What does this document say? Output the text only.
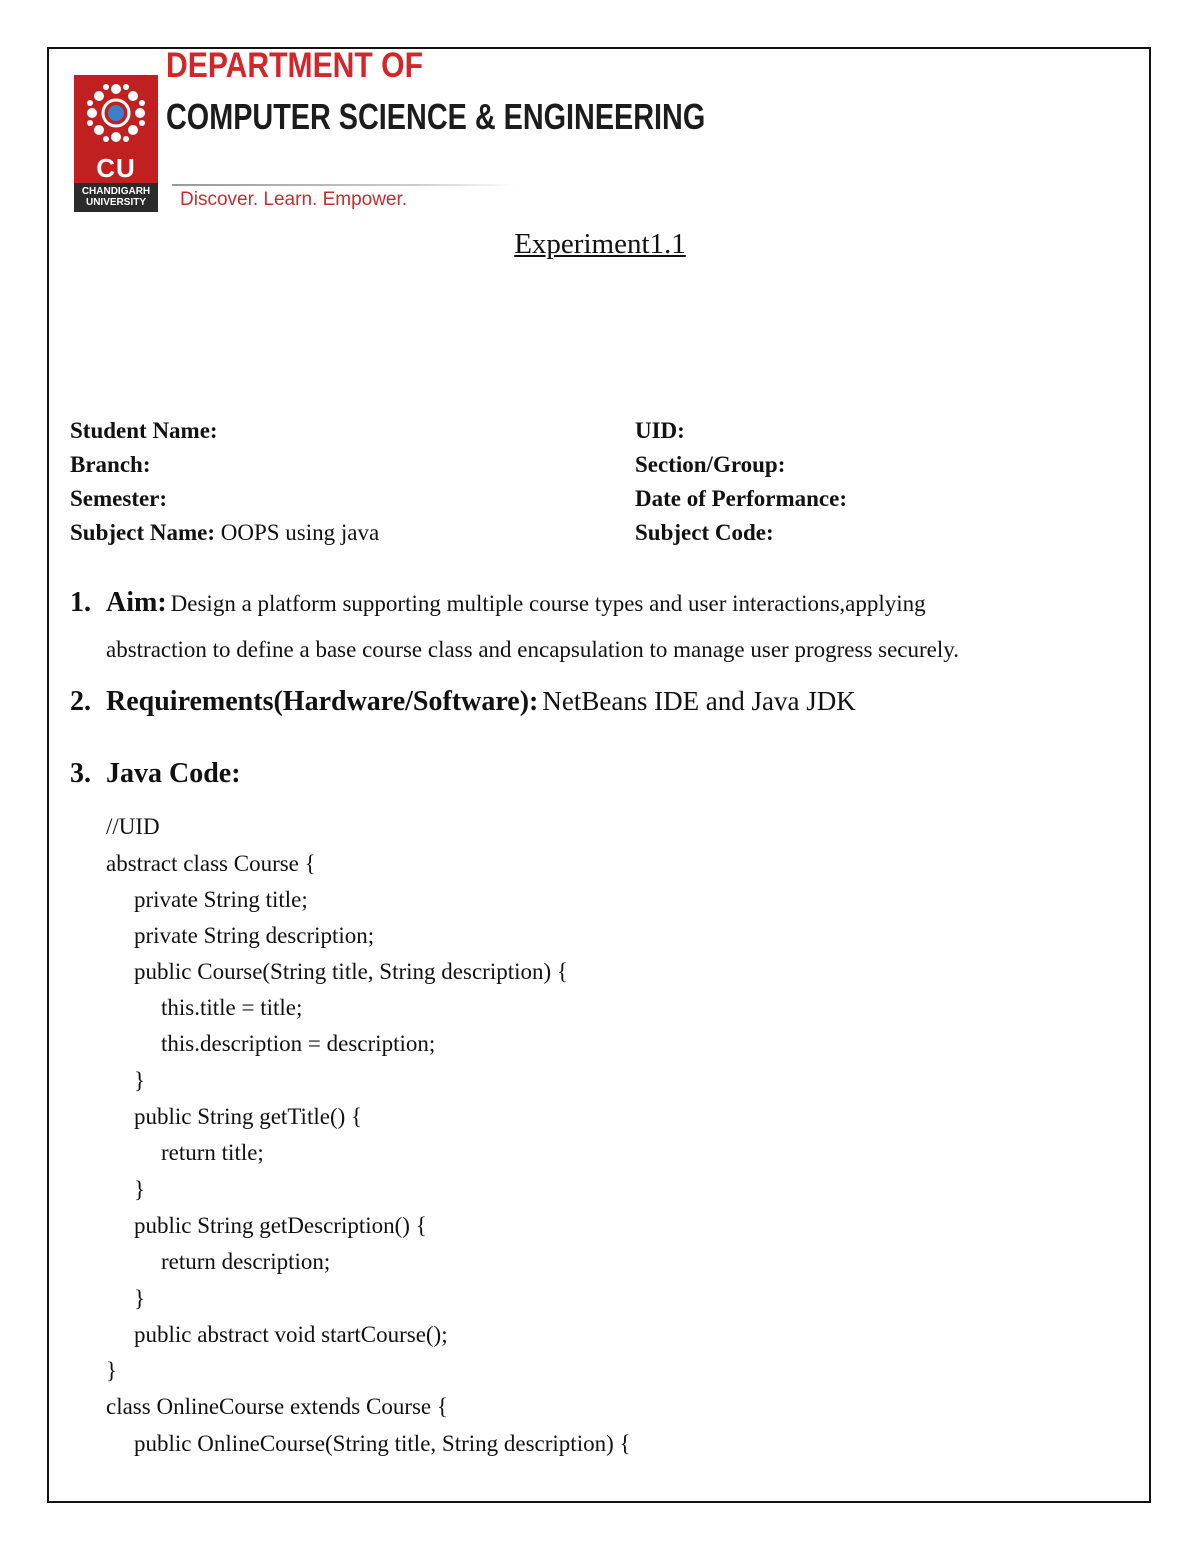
CU
CHANDIGARH
UNIVERSITY
DEPARTMENT OF
COMPUTER SCIENCE & ENGINEERING
Discover. Learn. Empower.
Experiment1.1
Student Name:	UID:
Branch:	Section/Group:
Semester:	Date of Performance:
Subject Name: OOPS using java	Subject Code:
1. Aim: Design a platform supporting multiple course types and user interactions,applying
abstraction to define a base course class and encapsulation to manage user progress securely.
2. Requirements(Hardware/Software): NetBeans IDE and Java JDK
3. Java Code:
//UID
abstract class Course {
private String title;
private String description;
public Course(String title, String description) {
this.title = title;
this.description = description;
}
public String getTitle() {
return title;
}
public String getDescription() {
return description;
}
public abstract void startCourse();
}
class OnlineCourse extends Course {
public OnlineCourse(String title, String description) {
